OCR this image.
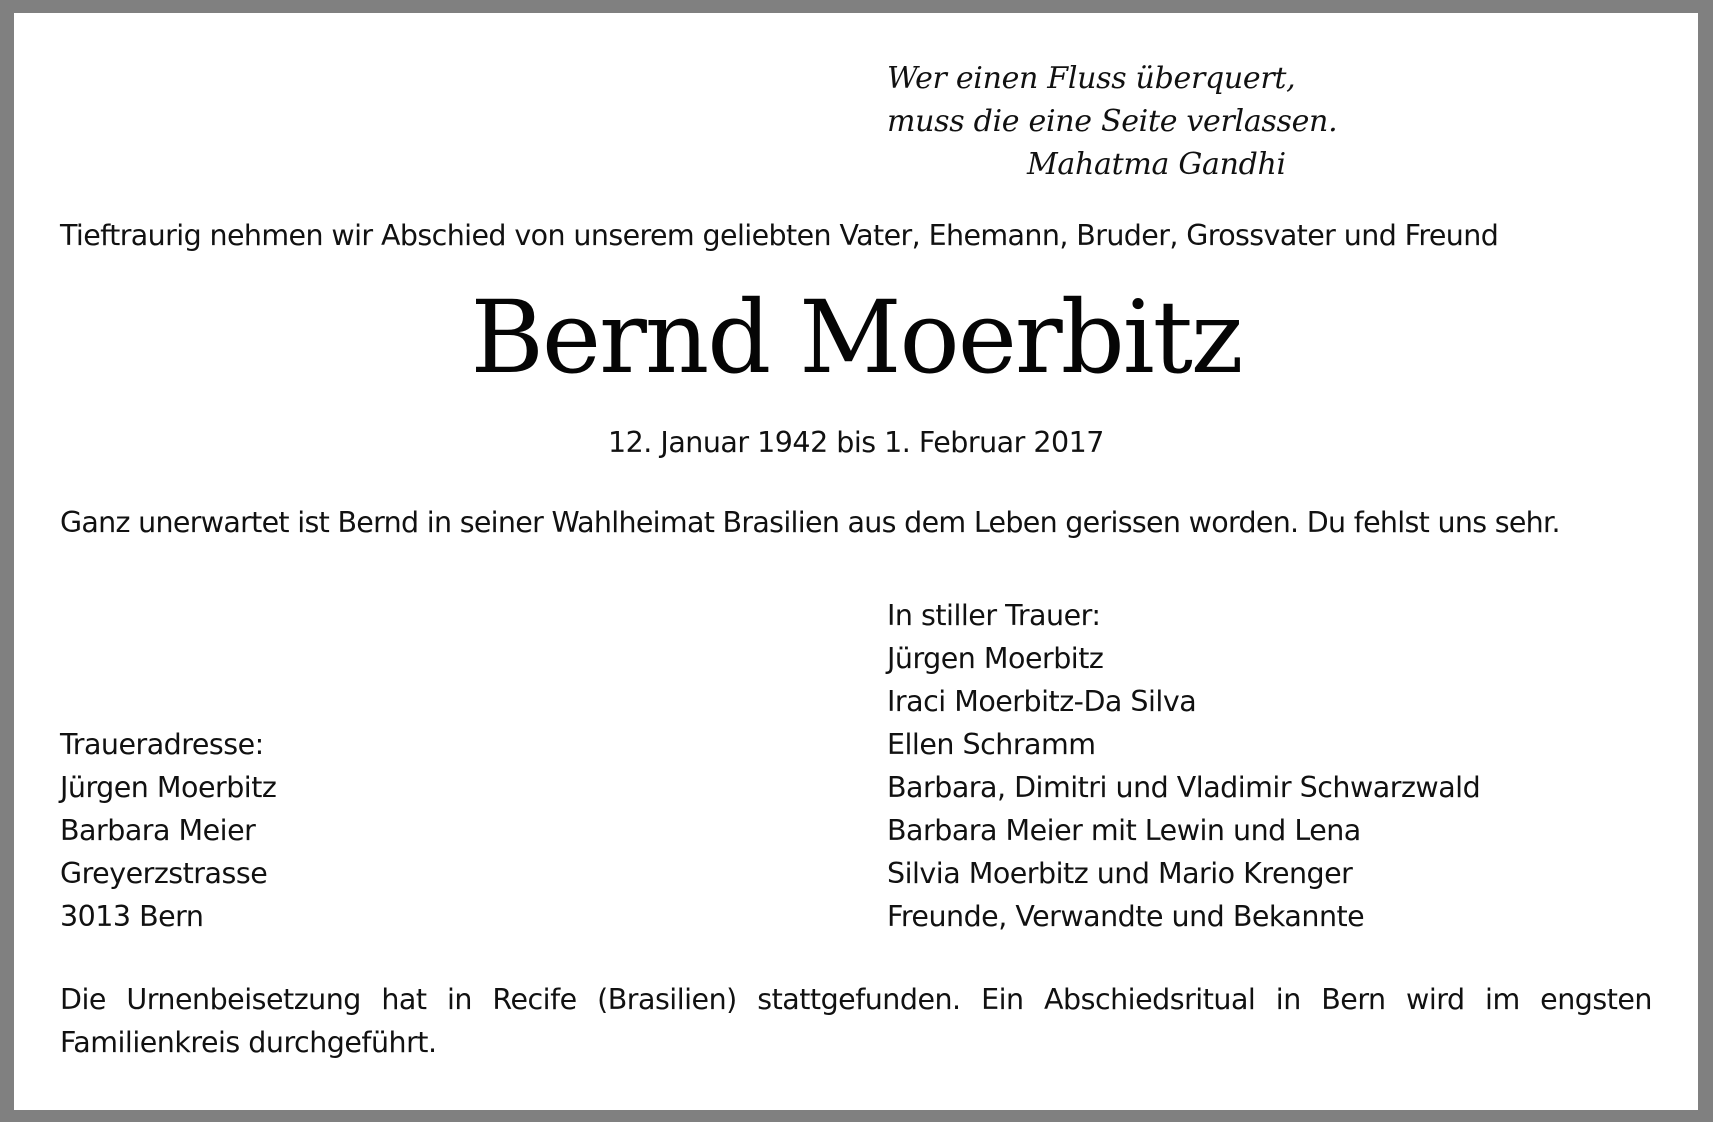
Wer einen Fluss überquert,
muss die eine Seite verlassen.
Mahatma Gandhi
Tieftraurig nehmen wir Abschied von unserem geliebten Vater, Ehemann, Bruder, Grossvater und Freund
Bernd Moerbitz
12. Januar 1942 bis 1. Februar 2017
Ganz unerwartet ist Bernd in seiner Wahlheimat Brasilien aus dem Leben gerissen worden. Du fehlst uns sehr.
Traueradresse:
Jürgen Moerbitz
Barbara Meier
Greyerzstrasse
3013 Bern
In stiller Trauer:
Jürgen Moerbitz
Iraci Moerbitz-Da Silva
Ellen Schramm
Barbara, Dimitri und Vladimir Schwarzwald
Barbara Meier mit Lewin und Lena
Silvia Moerbitz und Mario Krenger
Freunde, Verwandte und Bekannte
Die Urnenbeisetzung hat in Recife (Brasilien) stattgefunden. Ein Abschiedsritual in Bern wird im engsten Familienkreis durchgeführt.
